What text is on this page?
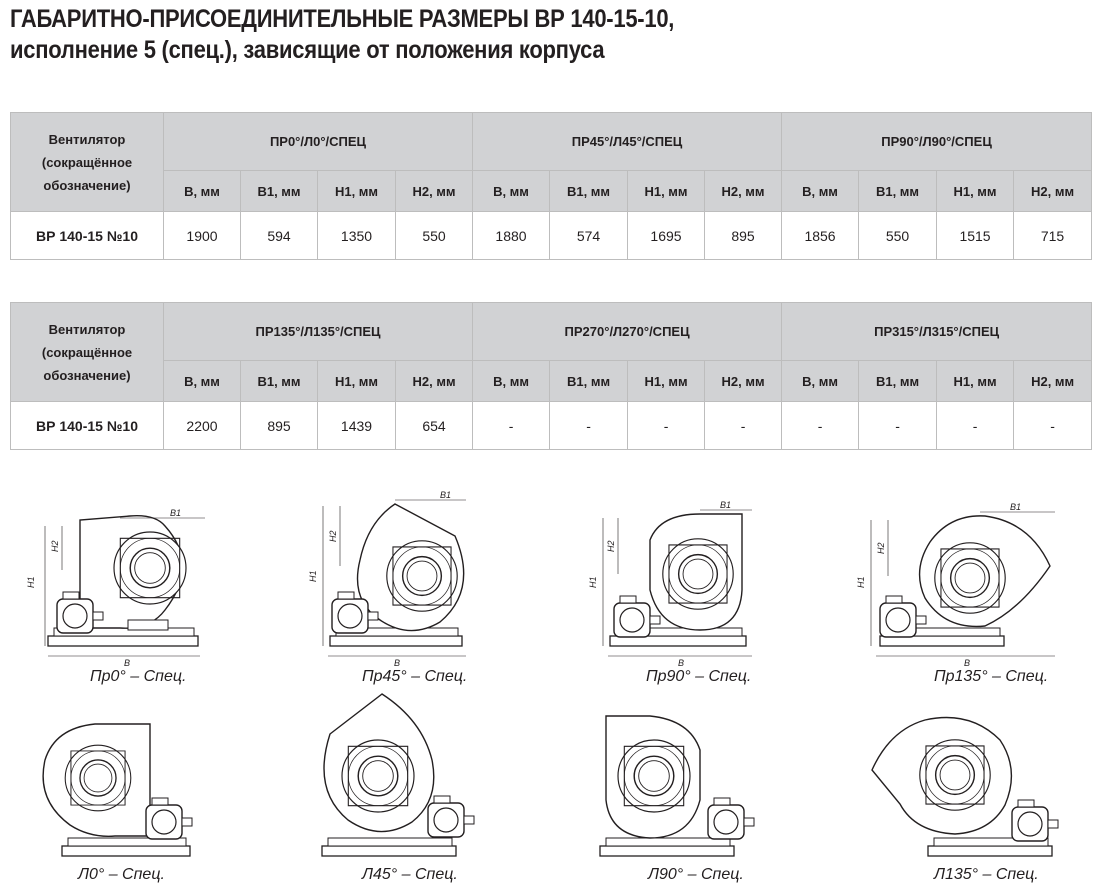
ГАБАРИТНО-ПРИСОЕДИНИТЕЛЬНЫЕ РАЗМЕРЫ ВР 140-15-10,
исполнение 5 (спец.), зависящие от положения корпуса
Вентилятор
(сокращённое
обозначение)	ПР0°/Л0°/СПЕЦ				ПР45°/Л45°/СПЕЦ				ПР90°/Л90°/СПЕЦ			
	В, мм	В1, мм	Н1, мм	Н2, мм	В, мм	В1, мм	Н1, мм	Н2, мм	В, мм	В1, мм	Н1, мм	Н2, мм
ВР 140-15 №10	1900	594	1350	550	1880	574	1695	895	1856	550	1515	715
Вентилятор
(сокращённое
обозначение)	ПР135°/Л135°/СПЕЦ				ПР270°/Л270°/СПЕЦ				ПР315°/Л315°/СПЕЦ			
	В, мм	В1, мм	Н1, мм	Н2, мм	В, мм	В1, мм	Н1, мм	Н2, мм	В, мм	В1, мм	Н1, мм	Н2, мм
ВР 140-15 №10	2200	895	1439	654	-	-	-	-	-	-	-	-
H1
H2
B1
B
H1
H2
B1
B
H1
H2
B1
B
H1
H2
B1
B
Пр0° – Спец.	Пр45° – Спец.	Пр90° – Спец.	Пр135° – Спец.
Л0° – Спец.	Л45° – Спец.	Л90° – Спец.	Л135° – Спец.
